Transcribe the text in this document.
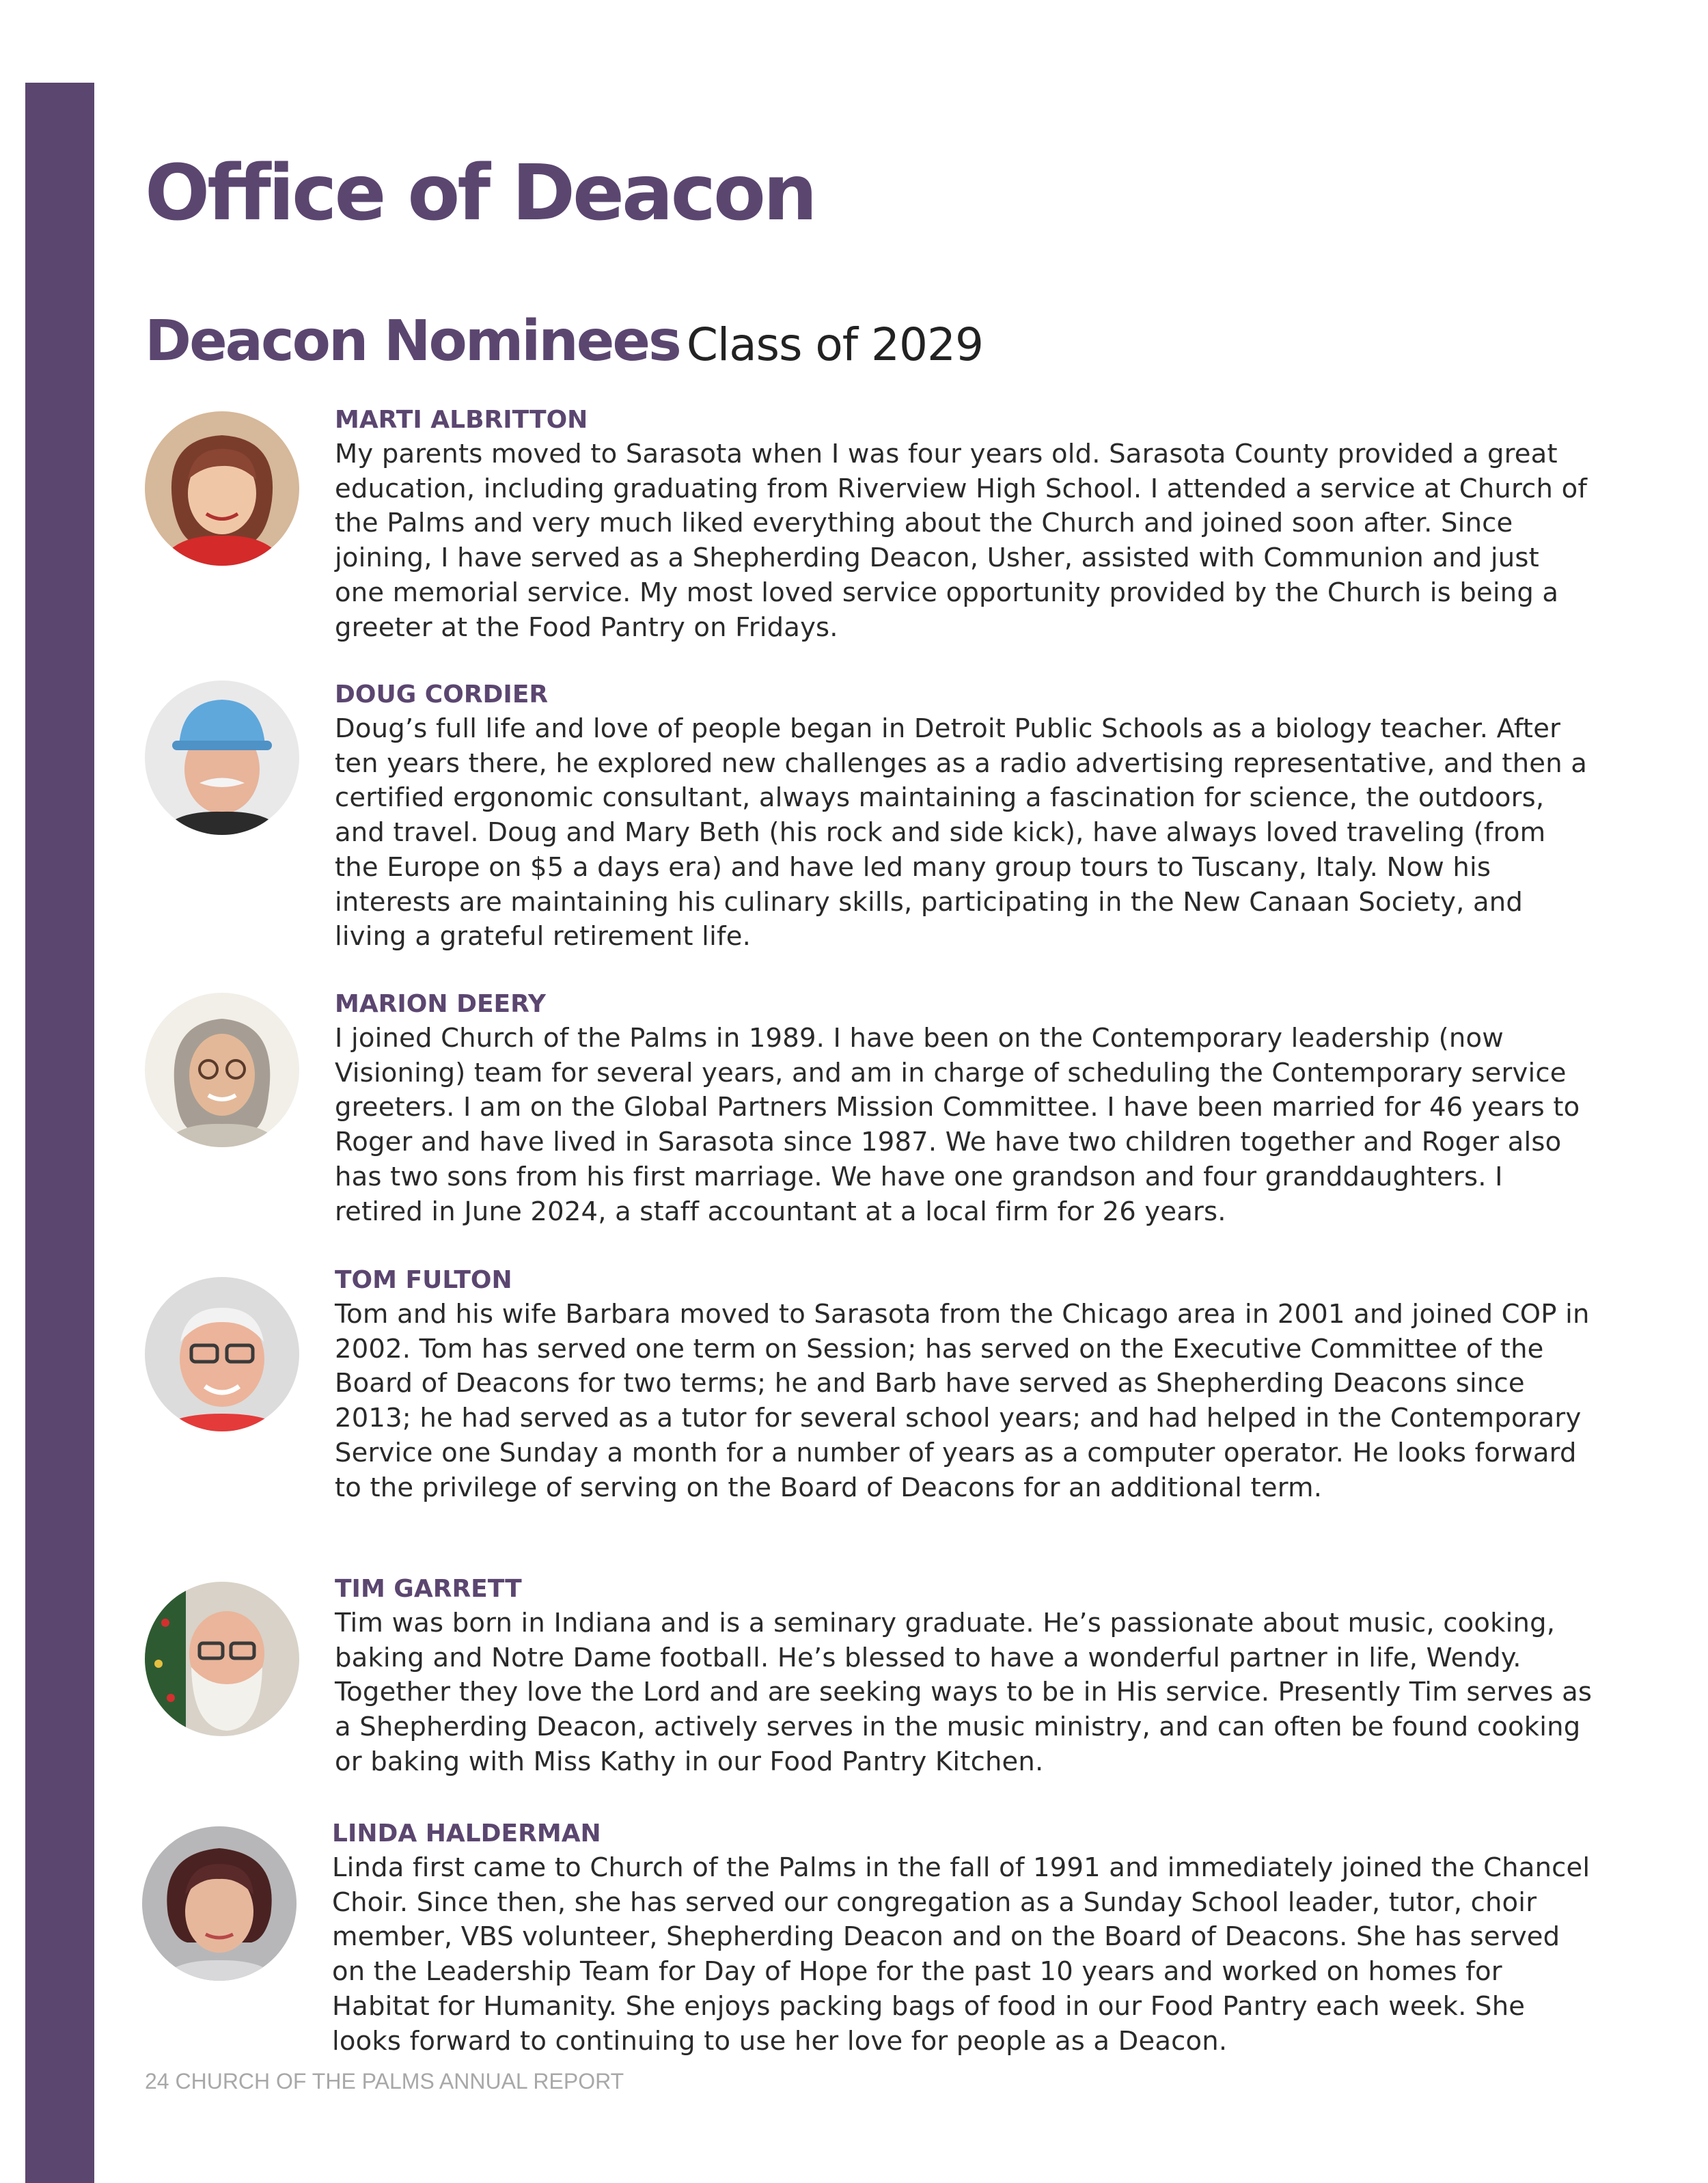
Office of Deacon
Deacon Nominees Class of 2029
MARTI ALBRITTON

My parents moved to Sarasota when I was four years old. Sarasota County provided a great education, including graduating from Riverview High School. I attended a service at Church of the Palms and very much liked everything about the Church and joined soon after. Since joining, I have served as a Shepherding Deacon, Usher, assisted with Communion and just one memorial service. My most loved service opportunity provided by the Church is being a greeter at the Food Pantry on Fridays.

DOUG CORDIER

Doug’s full life and love of people began in Detroit Public Schools as a biology teacher. After ten years there, he explored new challenges as a radio advertising representative, and then a certified ergonomic consultant, always maintaining a fascination for science, the outdoors, and travel. Doug and Mary Beth (his rock and side kick), have always loved traveling (from the Europe on $5 a days era) and have led many group tours to Tuscany, Italy. Now his interests are maintaining his culinary skills, participating in the New Canaan Society, and living a grateful retirement life.

MARION DEERY

I joined Church of the Palms in 1989. I have been on the Contemporary leadership (now Visioning) team for several years, and am in charge of scheduling the Contemporary service greeters. I am on the Global Partners Mission Committee. I have been married for 46 years to Roger and have lived in Sarasota since 1987. We have two children together and Roger also has two sons from his first marriage. We have one grandson and four granddaughters. I retired in June 2024, a staff accountant at a local firm for 26 years.

TOM FULTON

Tom and his wife Barbara moved to Sarasota from the Chicago area in 2001 and joined COP in 2002. Tom has served one term on Session; has served on the Executive Committee of the Board of Deacons for two terms; he and Barb have served as Shepherding Deacons since 2013; he had served as a tutor for several school years; and had helped in the Contemporary Service one Sunday a month for a number of years as a computer operator. He looks forward to the privilege of serving on the Board of Deacons for an additional term.

TIM GARRETT

Tim was born in Indiana and is a seminary graduate. He’s passionate about music, cooking, baking and Notre Dame football. He’s blessed to have a wonderful partner in life, Wendy. Together they love the Lord and are seeking ways to be in His service. Presently Tim serves as a Shepherding Deacon, actively serves in the music ministry, and can often be found cooking or baking with Miss Kathy in our Food Pantry Kitchen.

LINDA HALDERMAN

Linda first came to Church of the Palms in the fall of 1991 and immediately joined the Chancel Choir. Since then, she has served our congregation as a Sunday School leader, tutor, choir member, VBS volunteer, Shepherding Deacon and on the Board of Deacons. She has served on the Leadership Team for Day of Hope for the past 10 years and worked on homes for Habitat for Humanity. She enjoys packing bags of food in our Food Pantry each week. She looks forward to continuing to use her love for people as a Deacon.

24 CHURCH OF THE PALMS ANNUAL REPORT
